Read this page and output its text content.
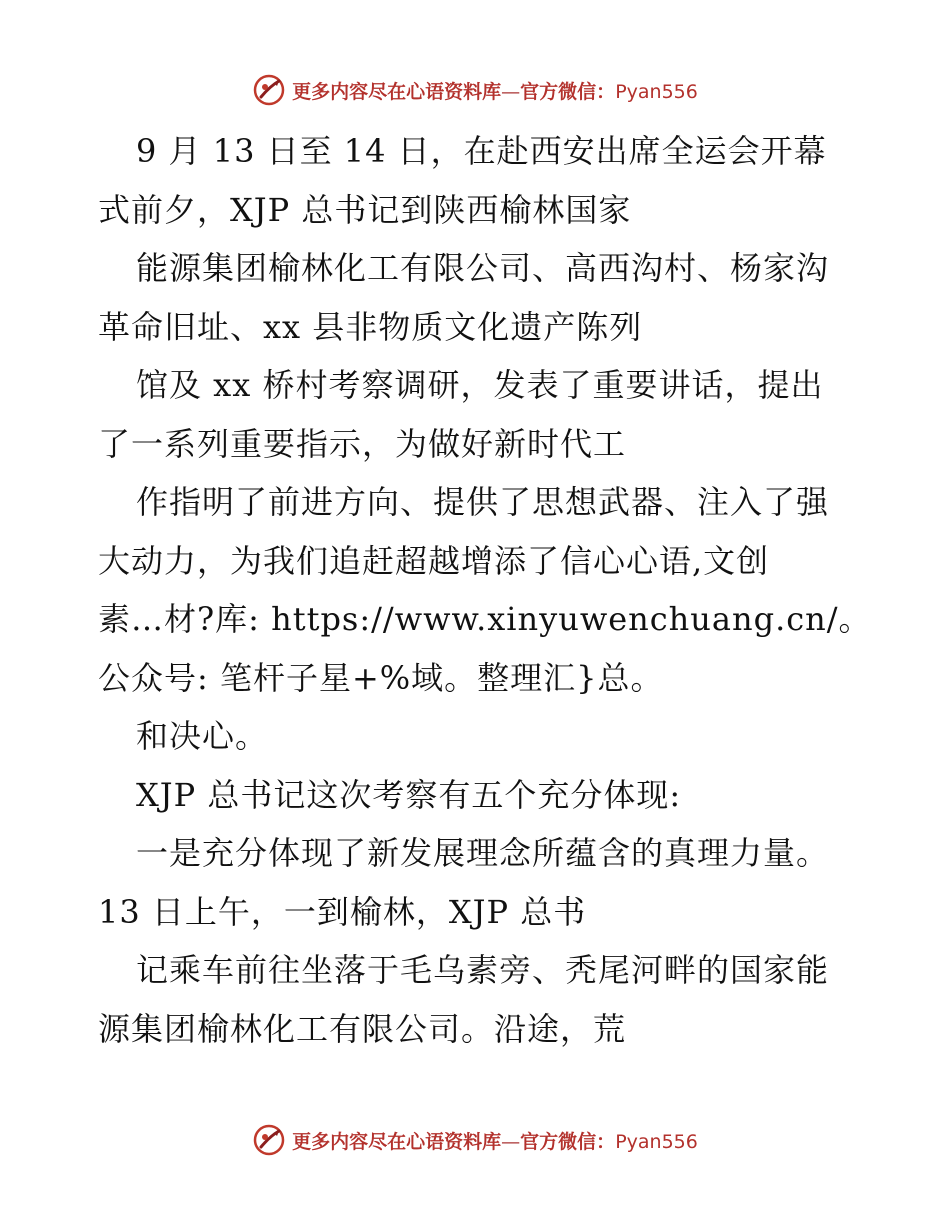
更多内容尽在心语资料库—官方微信：Pyan556
9 月 13 日至 14 日，在赴西安出席全运会开幕
式前夕，XJP 总书记到陕西榆林国家
能源集团榆林化工有限公司、高西沟村、杨家沟
革命旧址、xx 县非物质文化遗产陈列
馆及 xx 桥村考察调研，发表了重要讲话，提出
了一系列重要指示，为做好新时代工
作指明了前进方向、提供了思想武器、注入了强
大动力，为我们追赶超越增添了信心心语,文创
素…材?库: https://www.xinyuwenchuang.cn/。
公众号: 笔杆子星+%域。整理汇}总。
和决心。
XJP 总书记这次考察有五个充分体现:
一是充分体现了新发展理念所蕴含的真理力量。
13 日上午，一到榆林，XJP 总书
记乘车前往坐落于毛乌素旁、秃尾河畔的国家能
源集团榆林化工有限公司。沿途，荒
更多内容尽在心语资料库—官方微信：Pyan556
